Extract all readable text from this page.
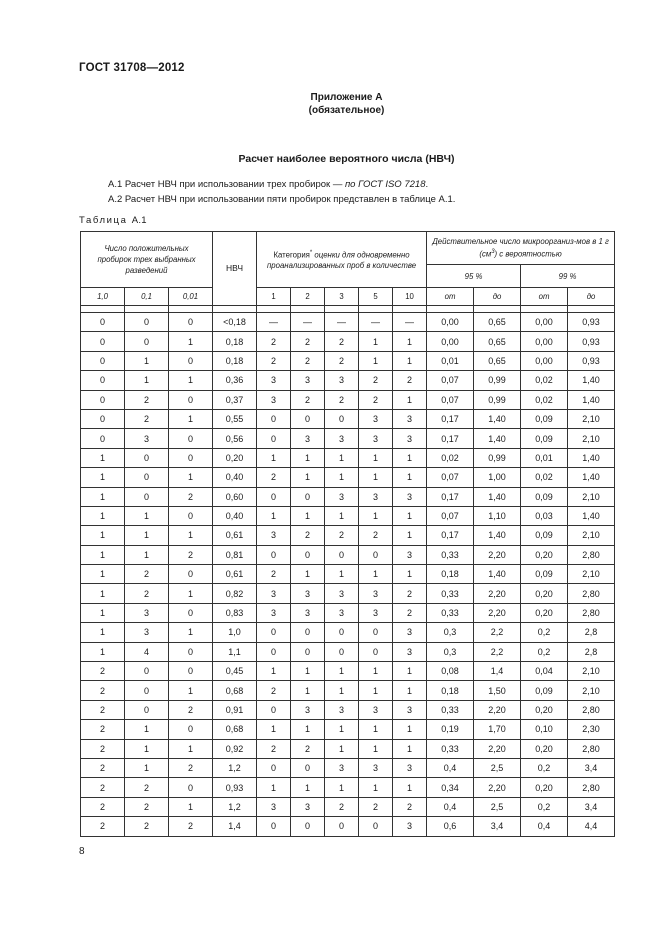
ГОСТ 31708—2012
Приложение А
(обязательное)
Расчет наиболее вероятного числа (НВЧ)
А.1 Расчет НВЧ при использовании трех пробирок — по ГОСТ ISO 7218.
А.2 Расчет НВЧ при использовании пяти пробирок представлен в таблице А.1.
Таблица А.1
Число положительных пробирок трех выбранных разведений			НВЧ	Категория* оценки для одновременно проанализированных проб в количестве					Действительное число микроорганиз-мов в 1 г $(см^3)$ с вероятностью			
									95 %		99 %	
1,0	0,1	0,01		1	2	3	5	10	от	до	от	до

0	0	0	<0,18	—	—	—	—	—	0,00	0,65	0,00	0,93
0	0	1	0,18	2	2	2	1	1	0,00	0,65	0,00	0,93
0	1	0	0,18	2	2	2	1	1	0,01	0,65	0,00	0,93
0	1	1	0,36	3	3	3	2	2	0,07	0,99	0,02	1,40
0	2	0	0,37	3	2	2	2	1	0,07	0,99	0,02	1,40
0	2	1	0,55	0	0	0	3	3	0,17	1,40	0,09	2,10
0	3	0	0,56	0	3	3	3	3	0,17	1,40	0,09	2,10
1	0	0	0,20	1	1	1	1	1	0,02	0,99	0,01	1,40
1	0	1	0,40	2	1	1	1	1	0,07	1,00	0,02	1,40
1	0	2	0,60	0	0	3	3	3	0,17	1,40	0,09	2,10
1	1	0	0,40	1	1	1	1	1	0,07	1,10	0,03	1,40
1	1	1	0,61	3	2	2	2	1	0,17	1,40	0,09	2,10
1	1	2	0,81	0	0	0	0	3	0,33	2,20	0,20	2,80
1	2	0	0,61	2	1	1	1	1	0,18	1,40	0,09	2,10
1	2	1	0,82	3	3	3	3	2	0,33	2,20	0,20	2,80
1	3	0	0,83	3	3	3	3	2	0,33	2,20	0,20	2,80
1	3	1	1,0	0	0	0	0	3	0,3	2,2	0,2	2,8
1	4	0	1,1	0	0	0	0	3	0,3	2,2	0,2	2,8
2	0	0	0,45	1	1	1	1	1	0,08	1,4	0,04	2,10
2	0	1	0,68	2	1	1	1	1	0,18	1,50	0,09	2,10
2	0	2	0,91	0	3	3	3	3	0,33	2,20	0,20	2,80
2	1	0	0,68	1	1	1	1	1	0,19	1,70	0,10	2,30
2	1	1	0,92	2	2	1	1	1	0,33	2,20	0,20	2,80
2	1	2	1,2	0	0	3	3	3	0,4	2,5	0,2	3,4
2	2	0	0,93	1	1	1	1	1	0,34	2,20	0,20	2,80
2	2	1	1,2	3	3	2	2	2	0,4	2,5	0,2	3,4
2	2	2	1,4	0	0	0	0	3	0,6	3,4	0,4	4,4
8
